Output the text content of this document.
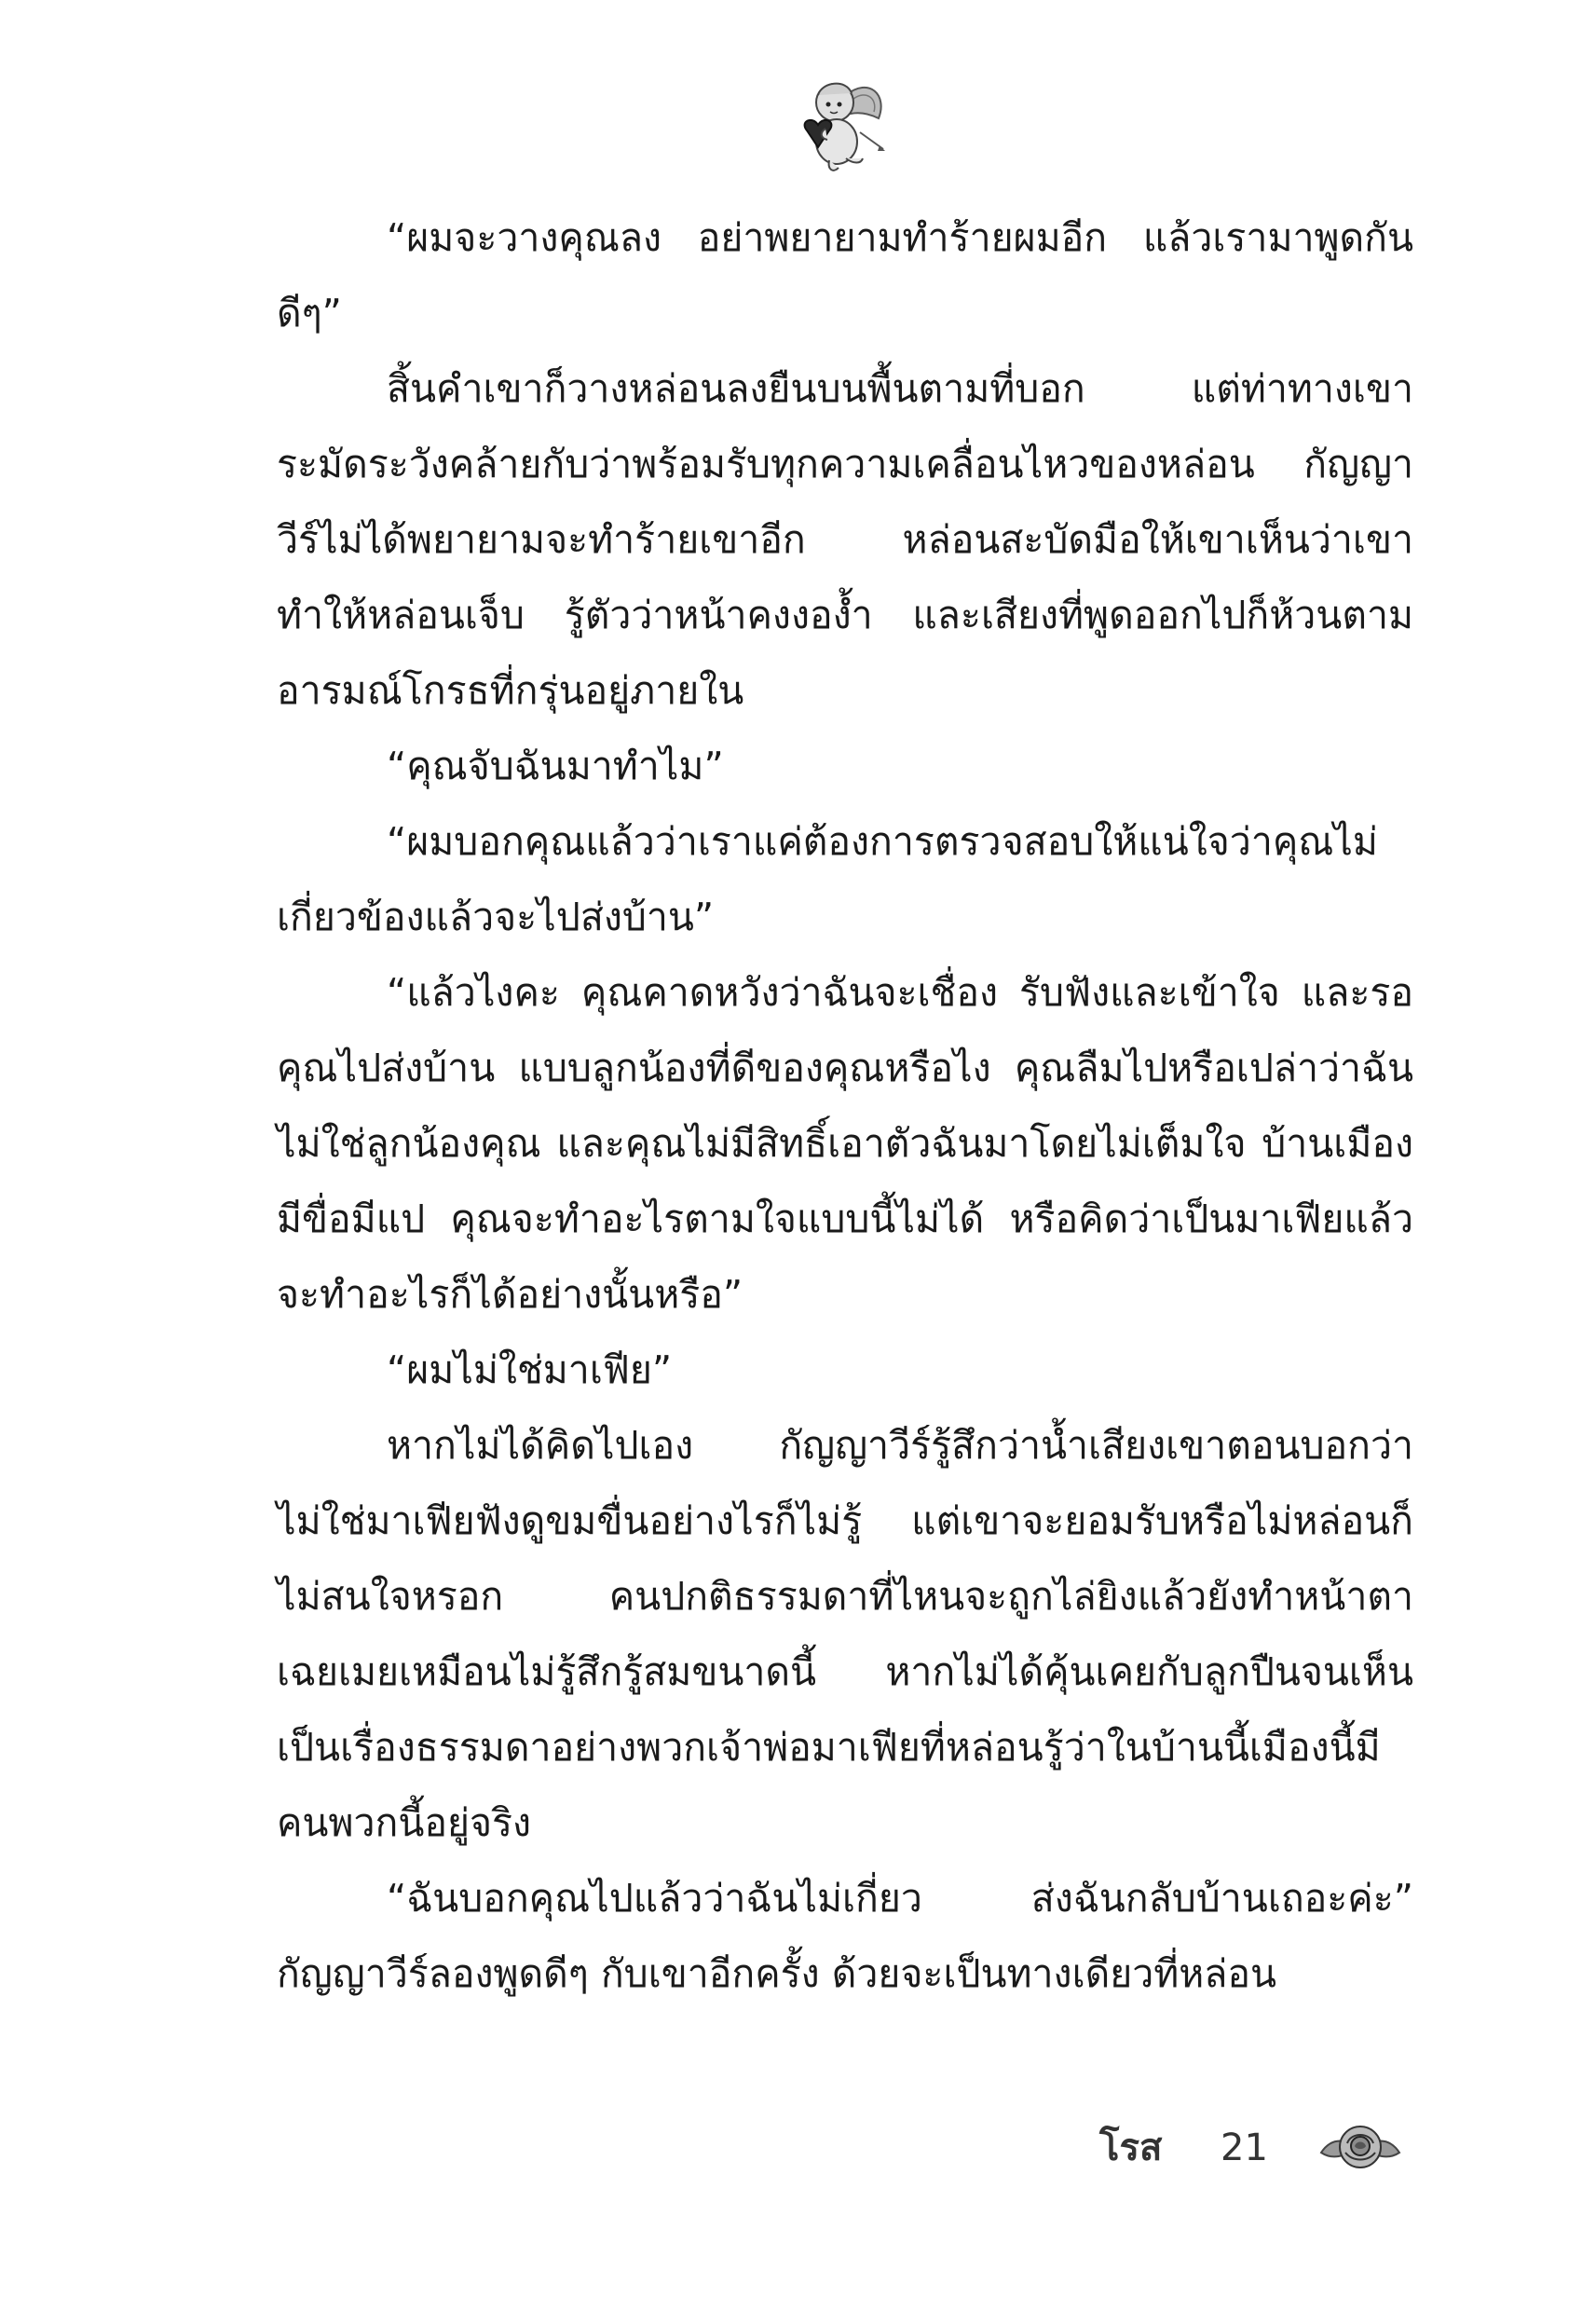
“ผมจะวางคุณลง อย่าพยายามทำร้ายผมอีก แล้วเรามาพูดกันดีๆ”

สิ้นคำเขาก็วางหล่อนลงยืนบนพื้นตามที่บอก แต่ท่าทางเขาระมัดระวังคล้ายกับว่าพร้อมรับทุกความเคลื่อนไหวของหล่อน กัญญาวีร์ไม่ได้พยายามจะทำร้ายเขาอีก หล่อนสะบัดมือให้เขาเห็นว่าเขาทำให้หล่อนเจ็บ รู้ตัวว่าหน้าคงงอง้ำ และเสียงที่พูดออกไปก็ห้วนตามอารมณ์โกรธที่กรุ่นอยู่ภายใน

“คุณจับฉันมาทำไม”

“ผมบอกคุณแล้วว่าเราแค่ต้องการตรวจสอบให้แน่ใจว่าคุณไม่เกี่ยวข้องแล้วจะไปส่งบ้าน”

“แล้วไงคะ คุณคาดหวังว่าฉันจะเชื่อง รับฟังและเข้าใจ และรอคุณไปส่งบ้าน แบบลูกน้องที่ดีของคุณหรือไง คุณลืมไปหรือเปล่าว่าฉันไม่ใช่ลูกน้องคุณ และคุณไม่มีสิทธิ์เอาตัวฉันมาโดยไม่เต็มใจ บ้านเมืองมีขื่อมีแป คุณจะทำอะไรตามใจแบบนี้ไม่ได้ หรือคิดว่าเป็นมาเฟียแล้วจะทำอะไรก็ได้อย่างนั้นหรือ”

“ผมไม่ใช่มาเฟีย”

หากไม่ได้คิดไปเอง กัญญาวีร์รู้สึกว่าน้ำเสียงเขาตอนบอกว่าไม่ใช่มาเฟียฟังดูขมขื่นอย่างไรก็ไม่รู้ แต่เขาจะยอมรับหรือไม่หล่อนก็ไม่สนใจหรอก คนปกติธรรมดาที่ไหนจะถูกไล่ยิงแล้วยังทำหน้าตาเฉยเมยเหมือนไม่รู้สึกรู้สมขนาดนี้ หากไม่ได้คุ้นเคยกับลูกปืนจนเห็นเป็นเรื่องธรรมดาอย่างพวกเจ้าพ่อมาเฟียที่หล่อนรู้ว่าในบ้านนี้เมืองนี้มีคนพวกนี้อยู่จริง

“ฉันบอกคุณไปแล้วว่าฉันไม่เกี่ยว ส่งฉันกลับบ้านเถอะค่ะ” กัญญาวีร์ลองพูดดีๆ กับเขาอีกครั้ง ด้วยจะเป็นทางเดียวที่หล่อน

โรส 21
